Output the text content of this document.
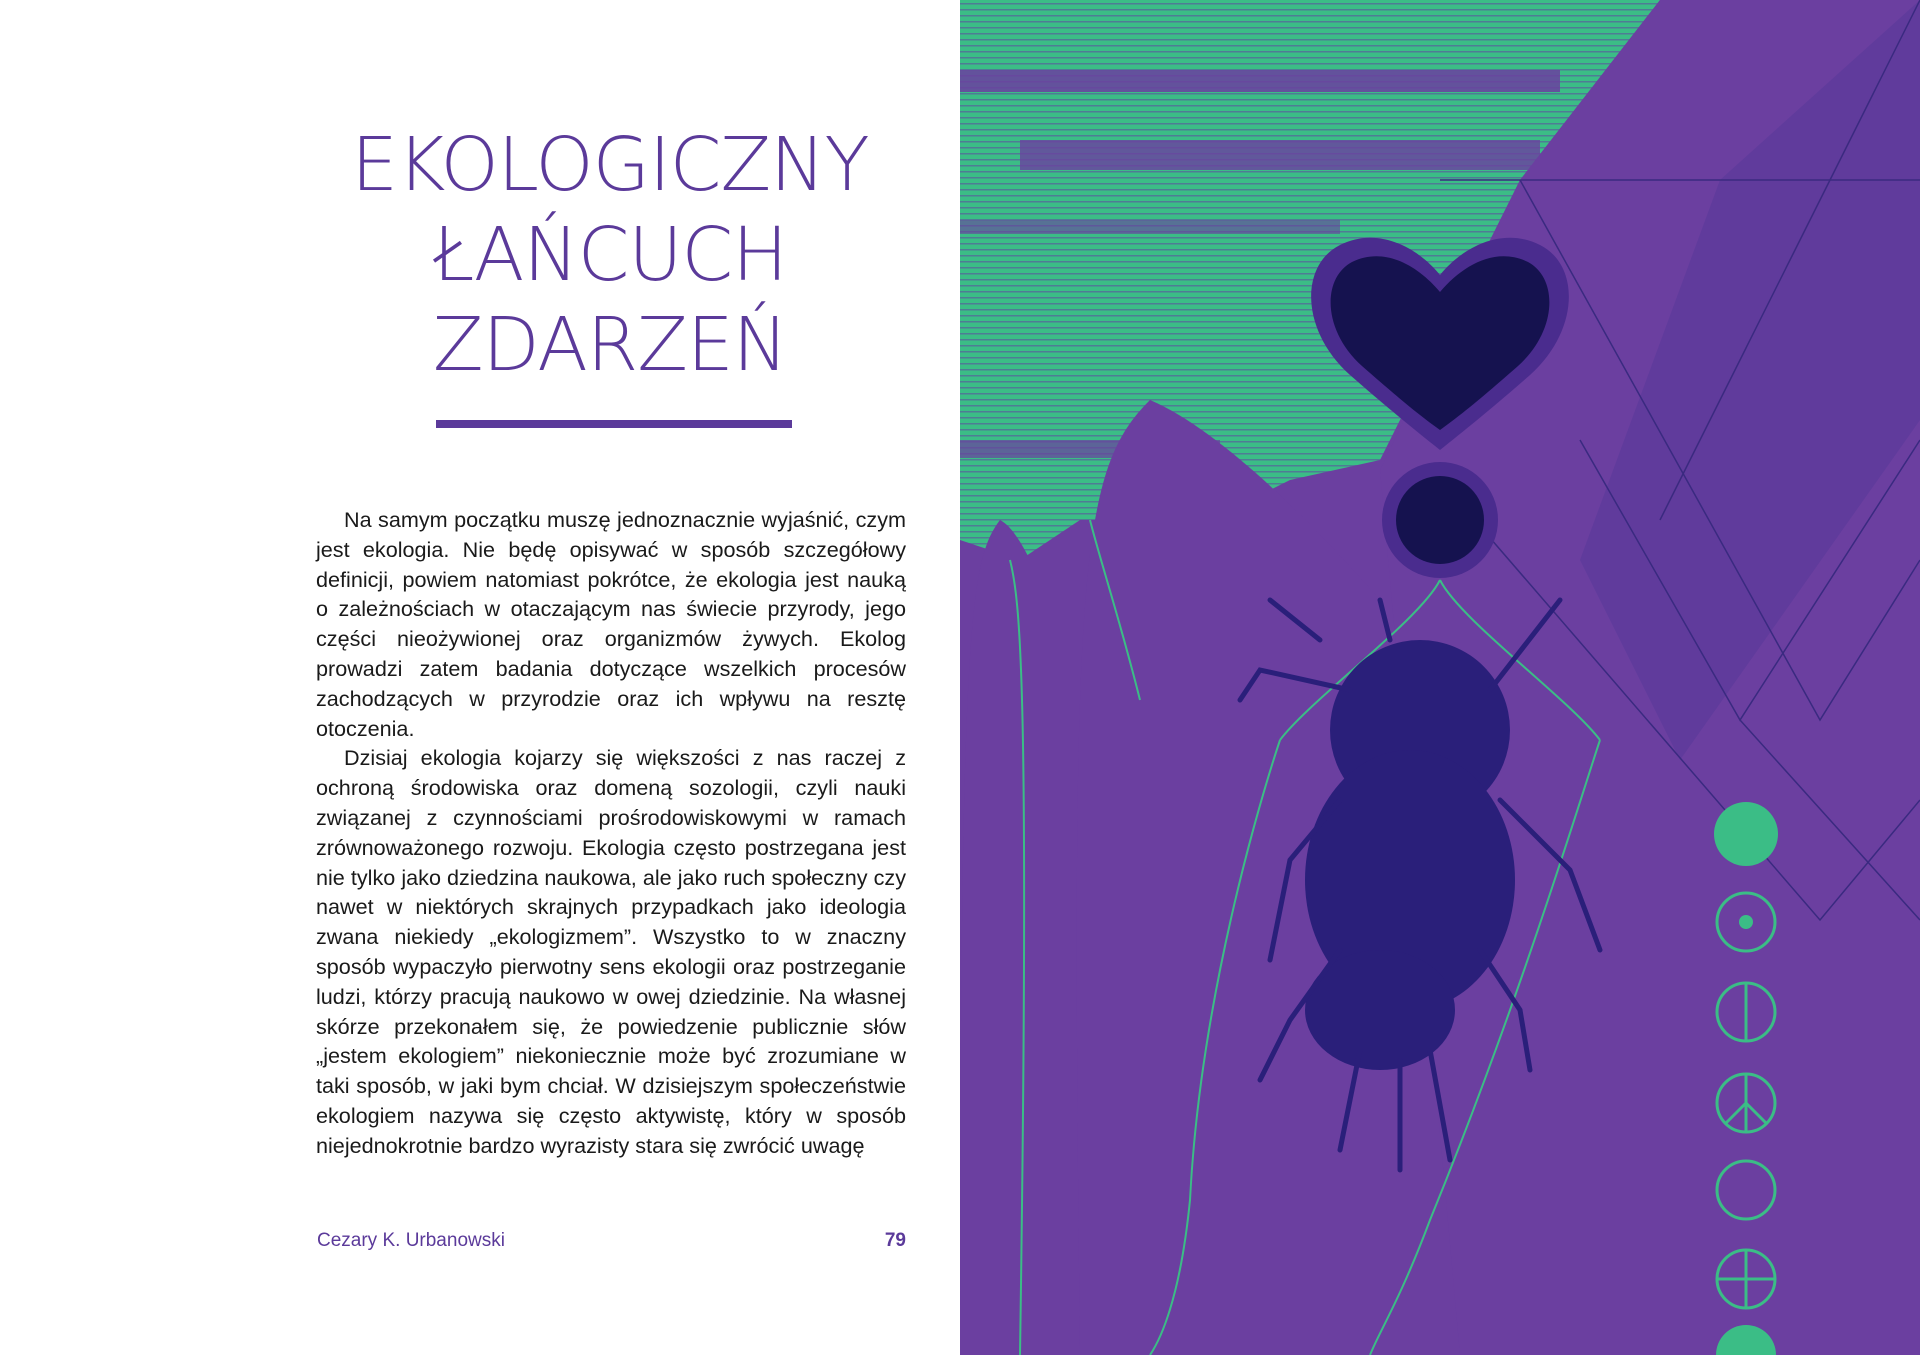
EKOLOGICZNY
ŁAŃCUCH
ZDARZEŃ

Na samym początku muszę jednoznacznie wyjaśnić, czym jest ekologia. Nie będę opisywać w sposób szczegółowy definicji, powiem natomiast pokrótce, że ekologia jest nauką o zależnościach w otaczającym nas świecie przyrody, jego części nieożywionej oraz organizmów żywych. Ekolog prowadzi zatem badania dotyczące wszelkich procesów zachodzących w przyrodzie oraz ich wpływu na resztę otoczenia.

Dzisiaj ekologia kojarzy się większości z nas raczej z ochroną środowiska oraz domeną sozologii, czyli nauki związanej z czynnościami prośrodowiskowymi w ramach zrównoważonego rozwoju. Ekologia często postrzegana jest nie tylko jako dziedzina naukowa, ale jako ruch społeczny czy nawet w niektórych skrajnych przypadkach jako ideologia zwana niekiedy „ekologizmem”. Wszystko to w znaczny sposób wypaczyło pierwotny sens ekologii oraz postrzeganie ludzi, którzy pracują naukowo w owej dziedzinie. Na własnej skórze przekonałem się, że powiedzenie publicznie słów „jestem ekologiem” niekoniecznie może być zrozumiane w taki sposób, w jaki bym chciał. W dzisiejszym społeczeństwie ekologiem nazywa się często aktywistę, który w sposób niejednokrotnie bardzo wyrazisty stara się zwrócić uwagę

Cezary K. Urbanowski	79
